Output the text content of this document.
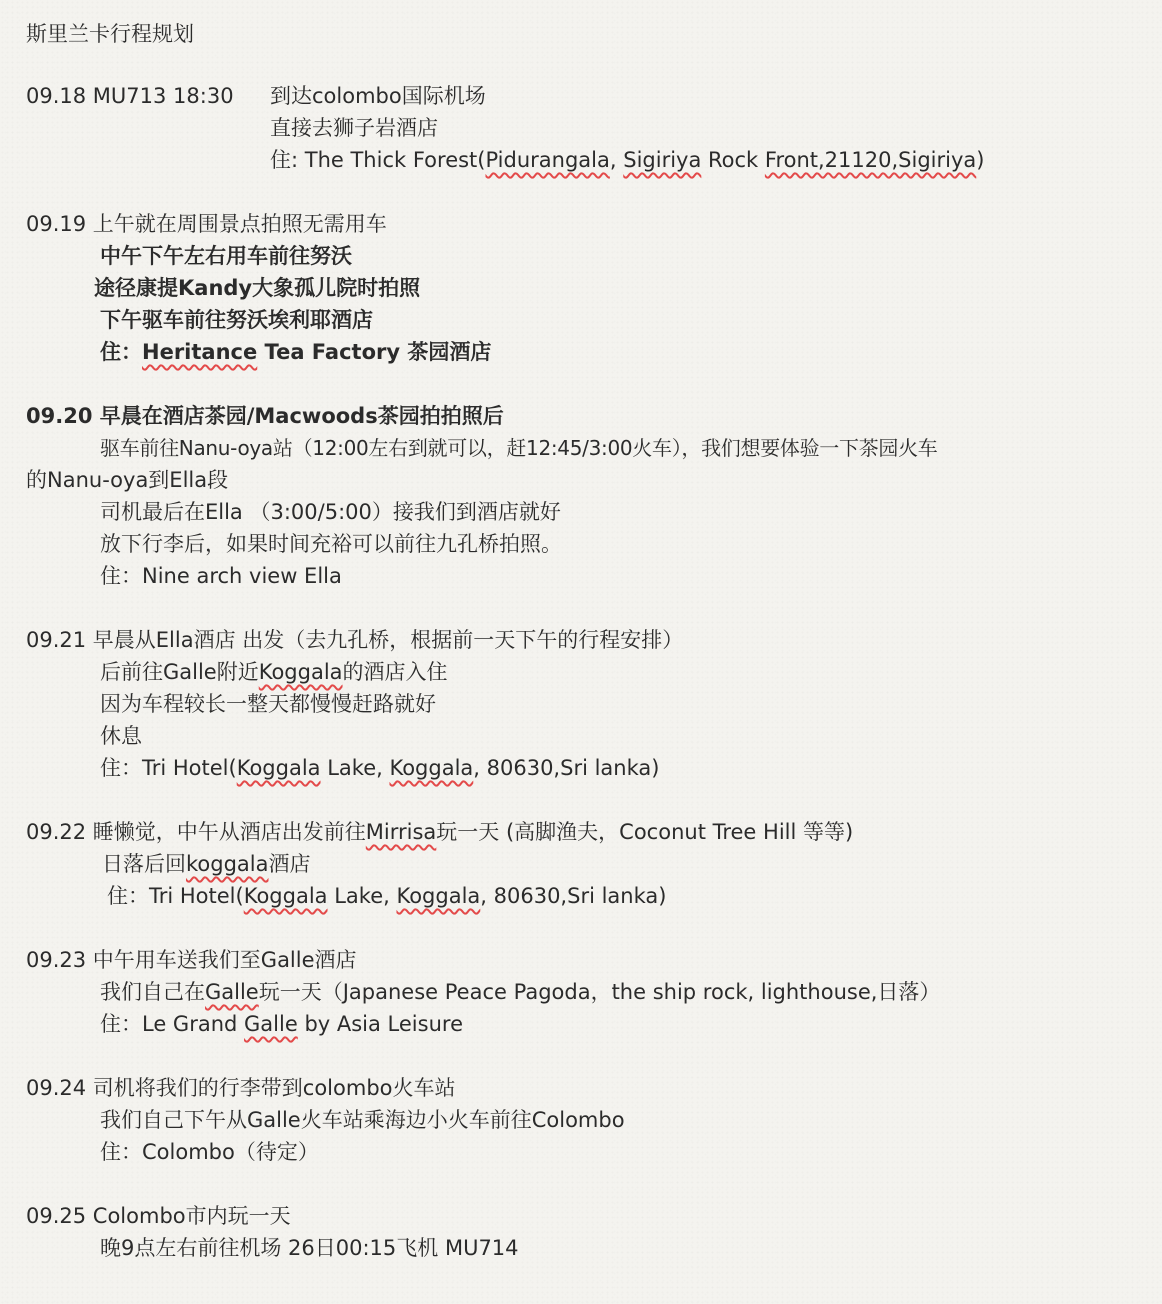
斯里兰卡行程规划
09.18 MU713 18:30 到达colombo国际机场
直接去狮子岩酒店
住: The Thick Forest(Pidurangala, Sigiriya Rock Front,21120,Sigiriya)
09.19 上午就在周围景点拍照无需用车
中午下午左右用车前往努沃
途径康提Kandy大象孤儿院时拍照
下午驱车前往努沃埃利耶酒店
住：Heritance Tea Factory 茶园酒店
09.20 早晨在酒店茶园/Macwoods茶园拍拍照后
驱车前往Nanu-oya站（12:00左右到就可以，赶12:45/3:00火车），我们想要体验一下茶园火车
的Nanu-oya到Ella段
司机最后在Ella （3:00/5:00）接我们到酒店就好
放下行李后，如果时间充裕可以前往九孔桥拍照。
住：Nine arch view Ella
09.21 早晨从Ella酒店 出发（去九孔桥，根据前一天下午的行程安排）
后前往Galle附近Koggala的酒店入住
因为车程较长一整天都慢慢赶路就好
休息
住：Tri Hotel(Koggala Lake, Koggala, 80630,Sri lanka)
09.22 睡懒觉，中午从酒店出发前往Mirrisa玩一天 (高脚渔夫，Coconut Tree Hill 等等)
日落后回koggala酒店
住：Tri Hotel(Koggala Lake, Koggala, 80630,Sri lanka)
09.23 中午用车送我们至Galle酒店
我们自己在Galle玩一天（Japanese Peace Pagoda，the ship rock, lighthouse,日落）
住：Le Grand Galle by Asia Leisure
09.24 司机将我们的行李带到colombo火车站
我们自己下午从Galle火车站乘海边小火车前往Colombo
住：Colombo（待定）
09.25 Colombo市内玩一天
晚9点左右前往机场 26日00:15飞机 MU714
